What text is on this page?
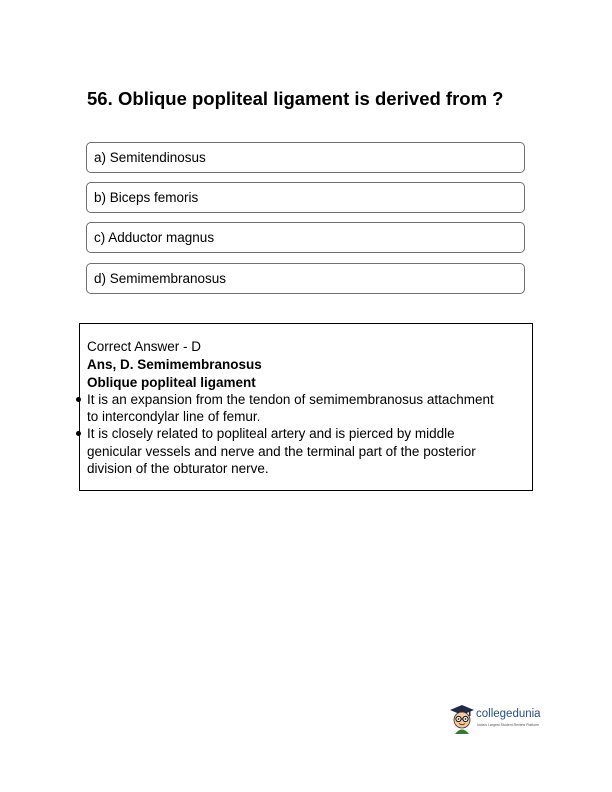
56. Oblique popliteal ligament is derived from ?
a) Semitendinosus
b) Biceps femoris
c) Adductor magnus
d) Semimembranosus
Correct Answer - D
Ans, D. Semimembranosus
Oblique popliteal ligament
It is an expansion from the tendon of semimembranosus attachment
to intercondylar line of femur.
It is closely related to popliteal artery and is pierced by middle
genicular vessels and nerve and the terminal part of the posterior
division of the obturator nerve.
collegedunia
India's Largest Student Review Platform
